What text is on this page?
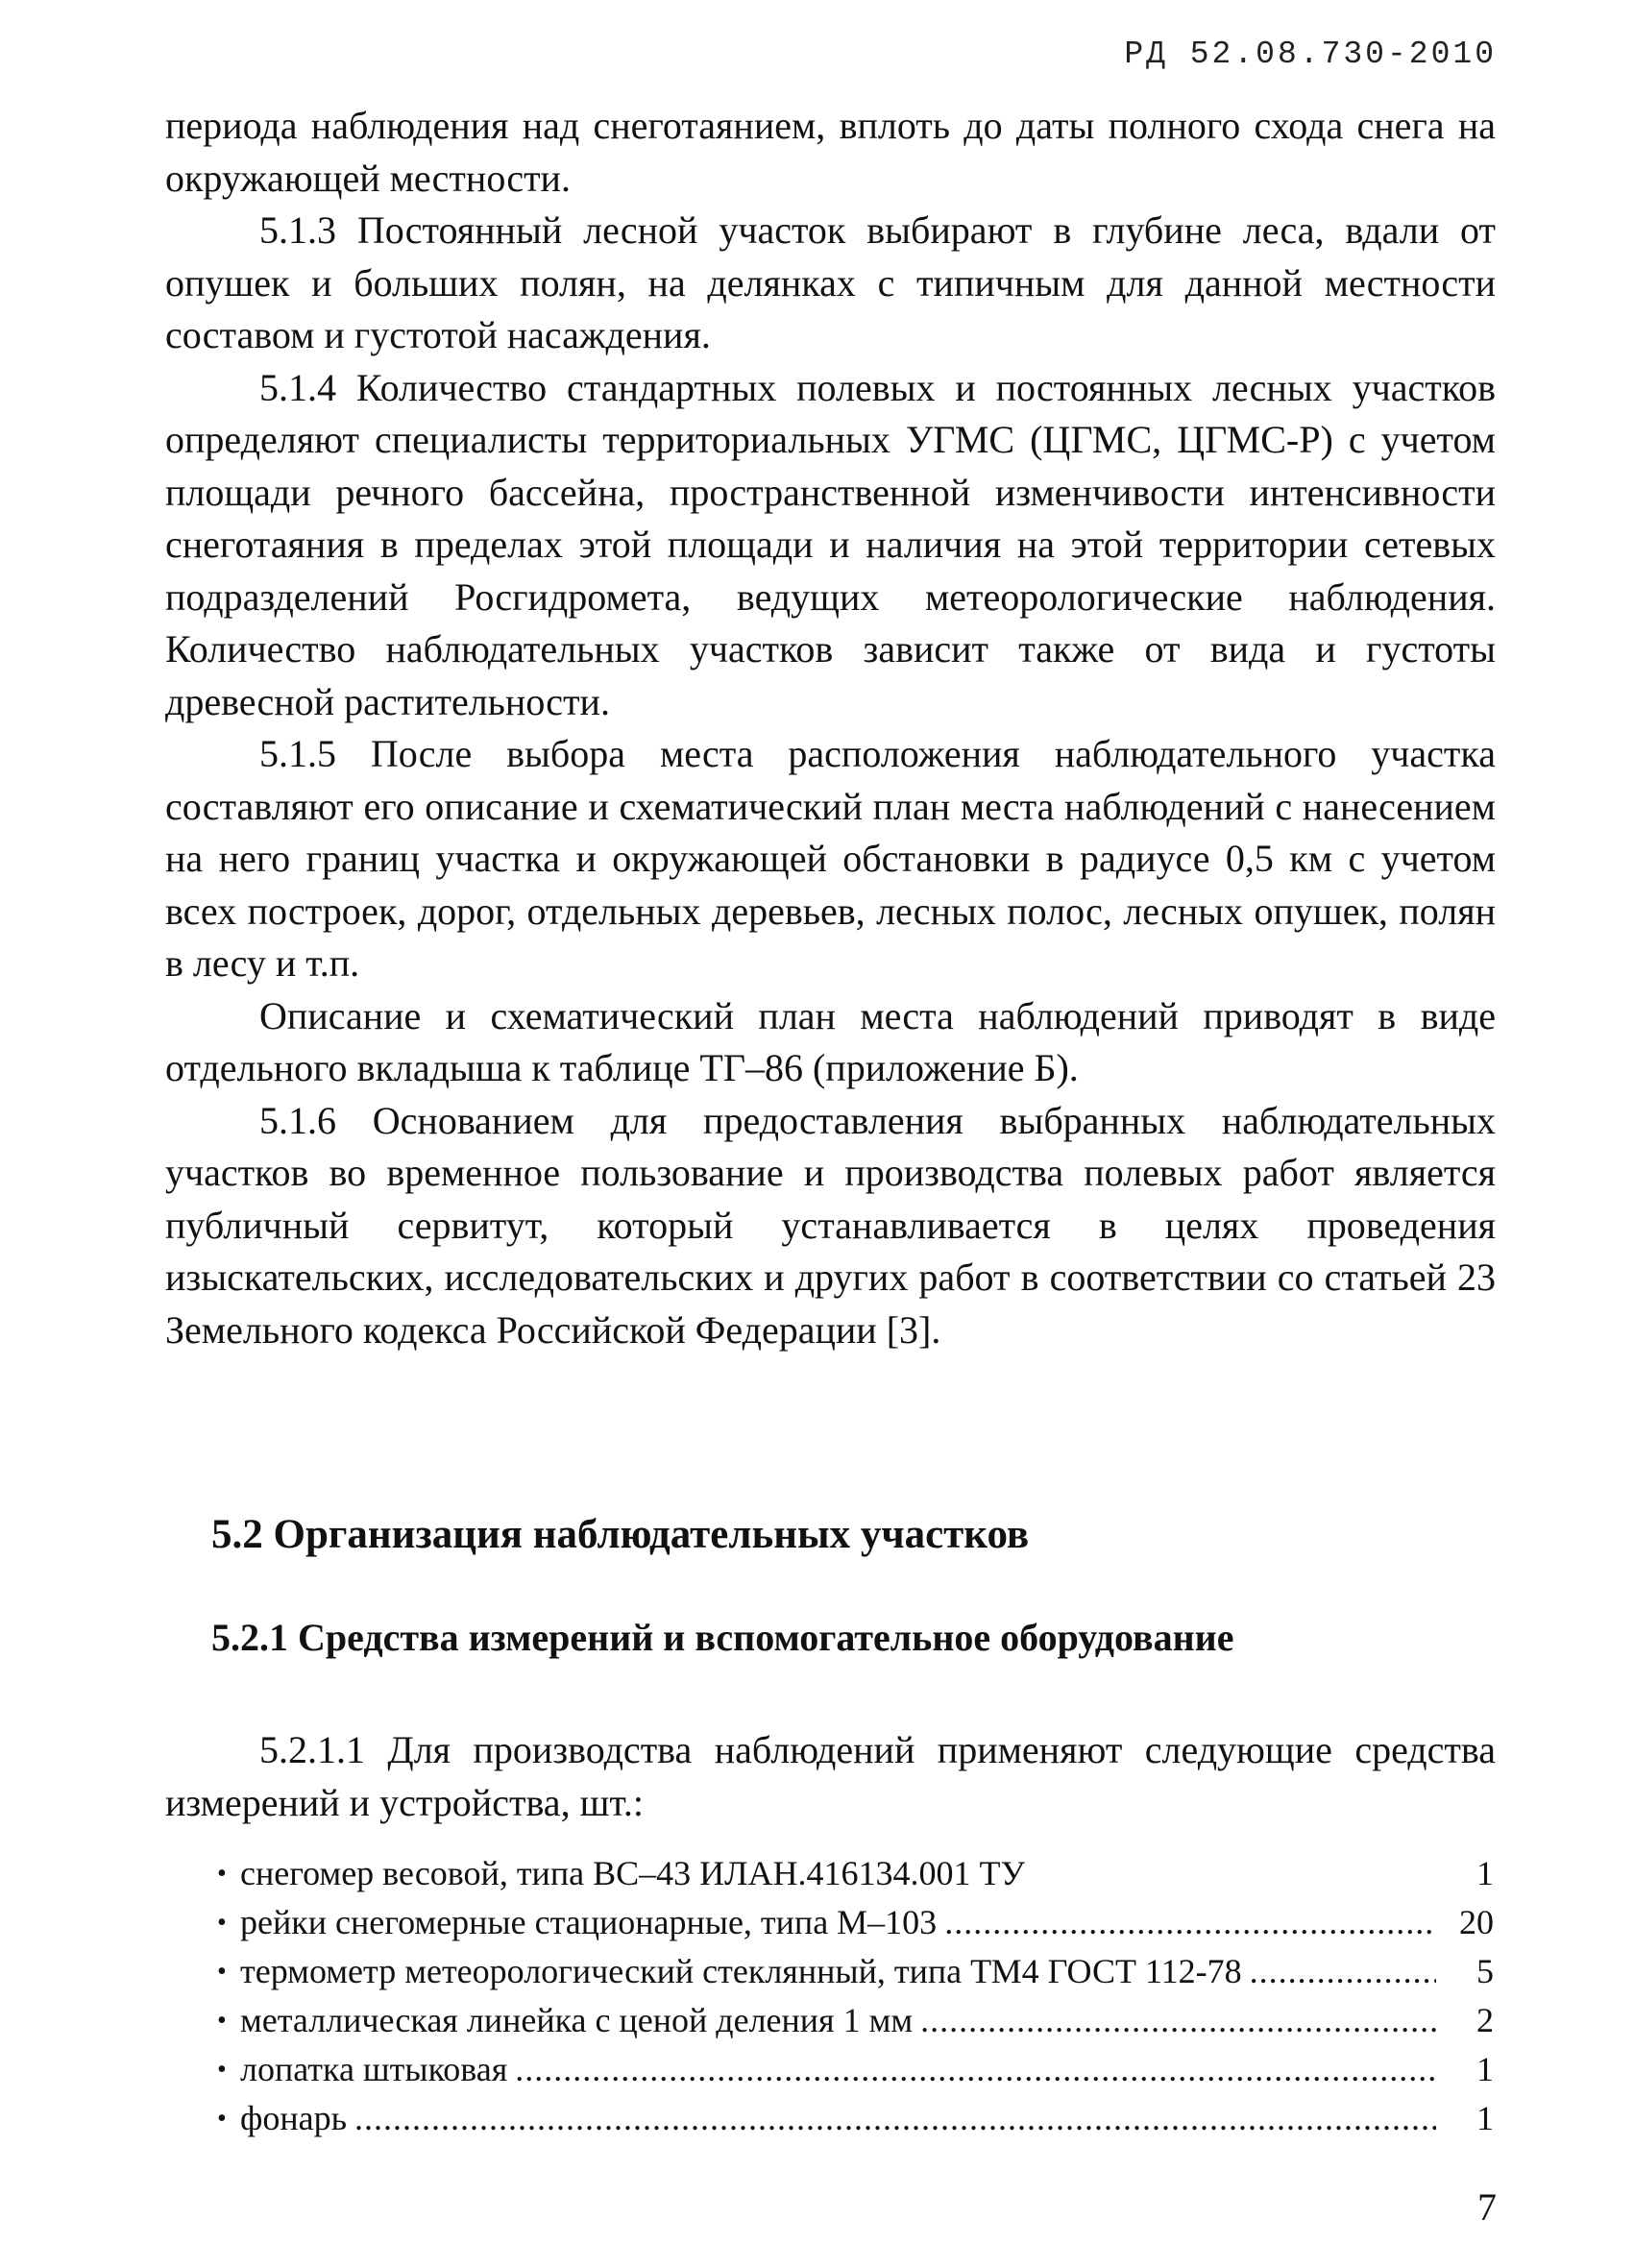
РД 52.08.730-2010

периода наблюдения над снеготаянием, вплоть до даты полного схода снега на окружающей местности.

5.1.3 Постоянный лесной участок выбирают в глубине леса, вдали от опушек и больших полян, на делянках с типичным для данной местности составом и густотой насаждения.

5.1.4 Количество стандартных полевых и постоянных лесных участков определяют специалисты территориальных УГМС (ЦГМС, ЦГМС-Р) с учетом площади речного бассейна, пространственной изменчивости интенсивности снеготаяния в пределах этой площади и наличия на этой территории сетевых подразделений Росгидромета, ведущих метеорологические наблюдения. Количество наблюдательных участков зависит также от вида и густоты древесной растительности.

5.1.5 После выбора места расположения наблюдательного участка составляют его описание и схематический план места наблюдений с нанесением на него границ участка и окружающей обстановки в радиусе 0,5 км с учетом всех построек, дорог, отдельных деревьев, лесных полос, лесных опушек, полян в лесу и т.п.

Описание и схематический план места наблюдений приводят в виде отдельного вкладыша к таблице ТГ–86 (приложение Б).

5.1.6 Основанием для предоставления выбранных наблюдательных участков во временное пользование и производства полевых работ является публичный сервитут, который устанавливается в целях проведения изыскательских, исследовательских и других работ в соответствии со статьей 23 Земельного кодекса Российской Федерации [3].

5.2 Организация наблюдательных участков
5.2.1 Средства измерений и вспомогательное оборудование

5.2.1.1 Для производства наблюдений применяют следующие средства измерений и устройства, шт.:

• снегомер весовой, типа ВС–43 ИЛАН.416134.001 ТУ	1
• рейки снегомерные стационарные, типа М–103 .....	20
• термометр метеорологический стеклянный, типа ТМ4 ГОСТ 112-78 .....	5
• металлическая линейка с ценой деления 1 мм .....	2
• лопатка штыковая .....	1
• фонарь .....	1
7
